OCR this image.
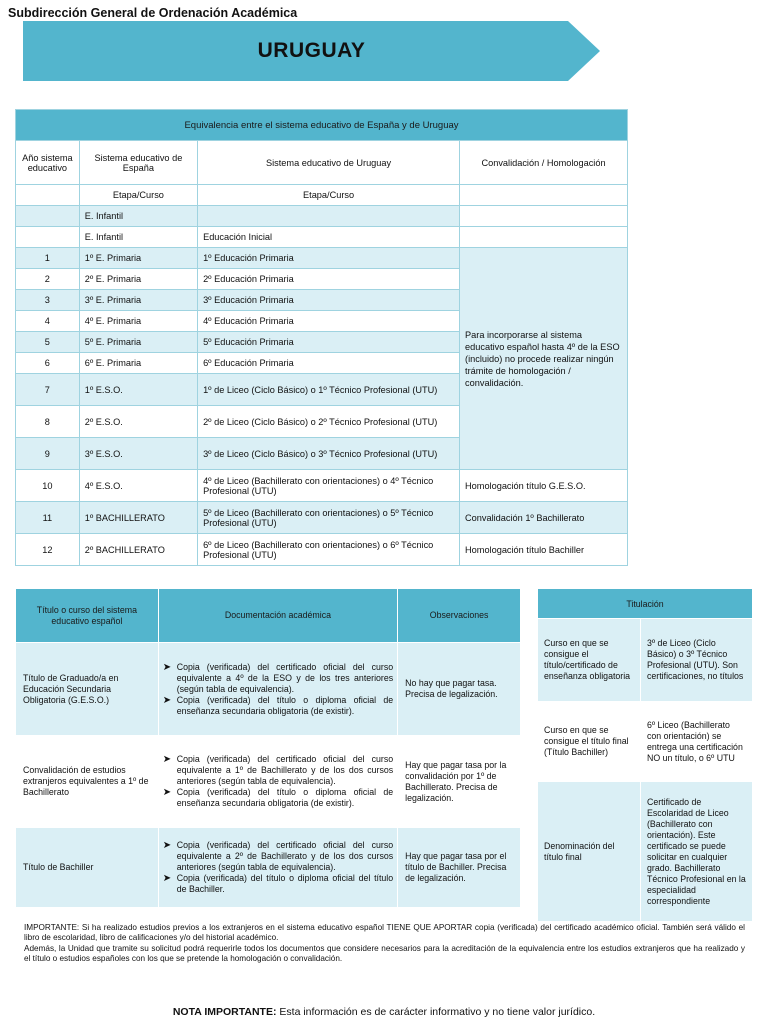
Subdirección General de Ordenación Académica
URUGUAY
Equivalencia entre el sistema educativo de España y de Uruguay			
Año sistema educativo	Sistema educativo de España	Sistema educativo de Uruguay	Convalidación / Homologación
	Etapa/Curso	Etapa/Curso	
	E. Infantil		
	E. Infantil	Educación Inicial	
1	1º E. Primaria	1º Educación Primaria	Para incorporarse al sistema educativo español hasta 4º de la ESO (incluido) no procede realizar ningún trámite de homologación / convalidación.
2	2º E. Primaria	2º Educación Primaria	
3	3º E. Primaria	3º Educación Primaria	
4	4º E. Primaria	4º Educación Primaria	
5	5º E. Primaria	5º Educación Primaria	
6	6º E. Primaria	6º Educación Primaria	
7	1º E.S.O.	1º de Liceo (Ciclo Básico) o 1º Técnico Profesional (UTU)	
8	2º E.S.O.	2º de Liceo (Ciclo Básico) o 2º Técnico Profesional (UTU)	
9	3º E.S.O.	3º de Liceo (Ciclo Básico) o 3º Técnico Profesional (UTU)	
10	4º E.S.O.	4º de Liceo (Bachillerato con orientaciones) o 4º Técnico Profesional (UTU)	Homologación título G.E.S.O.
11	1º BACHILLERATO	5º de Liceo (Bachillerato con orientaciones) o 5º Técnico Profesional (UTU)	Convalidación 1º Bachillerato
12	2º BACHILLERATO	6º de Liceo (Bachillerato con orientaciones) o 6º Técnico Profesional (UTU)	Homologación título Bachiller
Título o curso del sistema educativo español	Documentación académica	Observaciones
Título de Graduado/a en Educación Secundaria Obligatoria (G.E.S.O.)	➤ Copia (verificada) del certificado oficial del curso equivalente a 4º de la ESO y de los tres anteriores (según tabla de equivalencia).
➤ Copia (verificada) del título o diploma oficial de enseñanza secundaria obligatoria (de existir).	No hay que pagar tasa. Precisa de legalización.
Convalidación de estudios extranjeros equivalentes a 1º de Bachillerato	➤ Copia (verificada) del certificado oficial del curso equivalente a 1º de Bachillerato y de los dos cursos anteriores (según tabla de equivalencia).
➤ Copia (verificada) del título o diploma oficial de enseñanza secundaria obligatoria (de existir).	Hay que pagar tasa por la convalidación por 1º de Bachillerato. Precisa de legalización.
Título de Bachiller	➤ Copia (verificada) del certificado oficial del curso equivalente a 2º de Bachillerato y de los dos cursos anteriores (según tabla de equivalencia).
➤ Copia (verificada) del título o diploma oficial del título de Bachiller.	Hay que pagar tasa por el título de Bachiller. Precisa de legalización.
Titulación	
Curso en que se consigue el título/certificado de enseñanza obligatoria	3º de Liceo (Ciclo Básico) o 3º Técnico Profesional (UTU). Son certificaciones, no títulos
Curso en que se consigue el título final (Título Bachiller)	6º Liceo (Bachillerato con orientación) se entrega una certificación NO un título, o 6º UTU
Denominación del título final	Certificado de Escolaridad de Liceo (Bachillerato con orientación). Este certificado se puede solicitar en cualquier grado. Bachillerato Técnico Profesional en la especialidad correspondiente
IMPORTANTE: Si ha realizado estudios previos a los extranjeros en el sistema educativo español TIENE QUE APORTAR copia (verificada) del certificado académico oficial. También será válido el libro de escolaridad, libro de calificaciones y/o del historial académico.
Además, la Unidad que tramite su solicitud podrá requerirle todos los documentos que considere necesarios para la acreditación de la equivalencia entre los estudios extranjeros que ha realizado y el título o estudios españoles con los que se pretende la homologación o convalidación.
NOTA IMPORTANTE: Esta información es de carácter informativo y no tiene valor jurídico.
